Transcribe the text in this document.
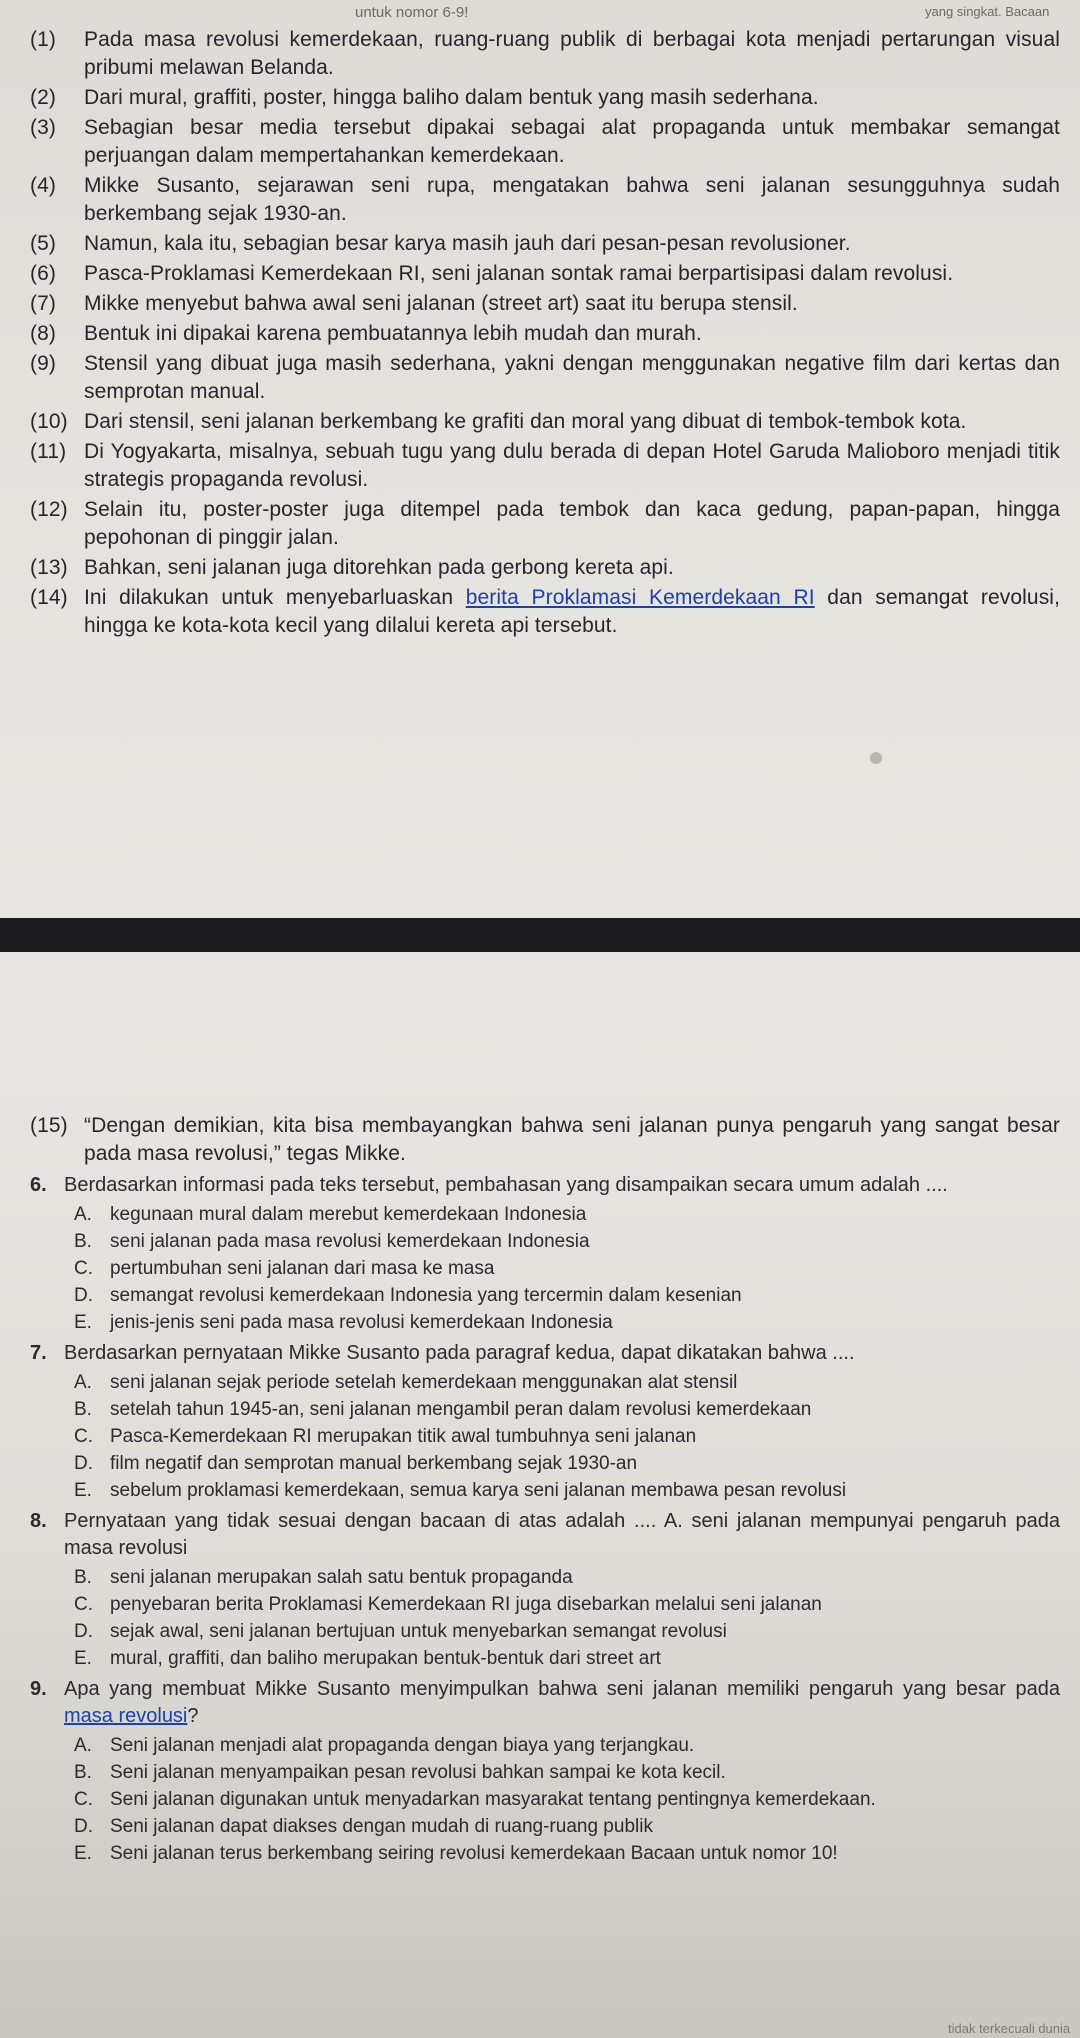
untuk nomor 6-9!	yang singkat. Bacaan
(1)	Pada masa revolusi kemerdekaan, ruang-ruang publik di berbagai kota menjadi pertarungan visual pribumi melawan Belanda.
(2)	Dari mural, graffiti, poster, hingga baliho dalam bentuk yang masih sederhana.
(3)	Sebagian besar media tersebut dipakai sebagai alat propaganda untuk membakar semangat perjuangan dalam mempertahankan kemerdekaan.
(4)	Mikke Susanto, sejarawan seni rupa, mengatakan bahwa seni jalanan sesungguhnya sudah berkembang sejak 1930-an.
(5)	Namun, kala itu, sebagian besar karya masih jauh dari pesan-pesan revolusioner.
(6)	Pasca-Proklamasi Kemerdekaan RI, seni jalanan sontak ramai berpartisipasi dalam revolusi.
(7)	Mikke menyebut bahwa awal seni jalanan (street art) saat itu berupa stensil.
(8)	Bentuk ini dipakai karena pembuatannya lebih mudah dan murah.
(9)	Stensil yang dibuat juga masih sederhana, yakni dengan menggunakan negative film dari kertas dan semprotan manual.
(10) Dari stensil, seni jalanan berkembang ke grafiti dan moral yang dibuat di tembok-tembok kota.
(11) Di Yogyakarta, misalnya, sebuah tugu yang dulu berada di depan Hotel Garuda Malioboro menjadi titik strategis propaganda revolusi.
(12) Selain itu, poster-poster juga ditempel pada tembok dan kaca gedung, papan-papan, hingga pepohonan di pinggir jalan.
(13) Bahkan, seni jalanan juga ditorehkan pada gerbong kereta api.
(14) Ini dilakukan untuk menyebarluaskan berita Proklamasi Kemerdekaan RI dan semangat revolusi, hingga ke kota-kota kecil yang dilalui kereta api tersebut.
(15) “Dengan demikian, kita bisa membayangkan bahwa seni jalanan punya pengaruh yang sangat besar pada masa revolusi,” tegas Mikke.
6. Berdasarkan informasi pada teks tersebut, pembahasan yang disampaikan secara umum adalah ....
A. kegunaan mural dalam merebut kemerdekaan Indonesia
B. seni jalanan pada masa revolusi kemerdekaan Indonesia
C. pertumbuhan seni jalanan dari masa ke masa
D. semangat revolusi kemerdekaan Indonesia yang tercermin dalam kesenian
E. jenis-jenis seni pada masa revolusi kemerdekaan Indonesia
7. Berdasarkan pernyataan Mikke Susanto pada paragraf kedua, dapat dikatakan bahwa ....
A. seni jalanan sejak periode setelah kemerdekaan menggunakan alat stensil
B. setelah tahun 1945-an, seni jalanan mengambil peran dalam revolusi kemerdekaan
C. Pasca-Kemerdekaan RI merupakan titik awal tumbuhnya seni jalanan
D. film negatif dan semprotan manual berkembang sejak 1930-an
E. sebelum proklamasi kemerdekaan, semua karya seni jalanan membawa pesan revolusi
8. Pernyataan yang tidak sesuai dengan bacaan di atas adalah .... A. seni jalanan mempunyai pengaruh pada masa revolusi
B. seni jalanan merupakan salah satu bentuk propaganda
C. penyebaran berita Proklamasi Kemerdekaan RI juga disebarkan melalui seni jalanan
D. sejak awal, seni jalanan bertujuan untuk menyebarkan semangat revolusi
E. mural, graffiti, dan baliho merupakan bentuk-bentuk dari street art
9. Apa yang membuat Mikke Susanto menyimpulkan bahwa seni jalanan memiliki pengaruh yang besar pada masa revolusi?
A. Seni jalanan menjadi alat propaganda dengan biaya yang terjangkau.
B. Seni jalanan menyampaikan pesan revolusi bahkan sampai ke kota kecil.
C. Seni jalanan digunakan untuk menyadarkan masyarakat tentang pentingnya kemerdekaan.
D. Seni jalanan dapat diakses dengan mudah di ruang-ruang publik
E. Seni jalanan terus berkembang seiring revolusi kemerdekaan Bacaan untuk nomor 10!
tidak terkecuali dunia
